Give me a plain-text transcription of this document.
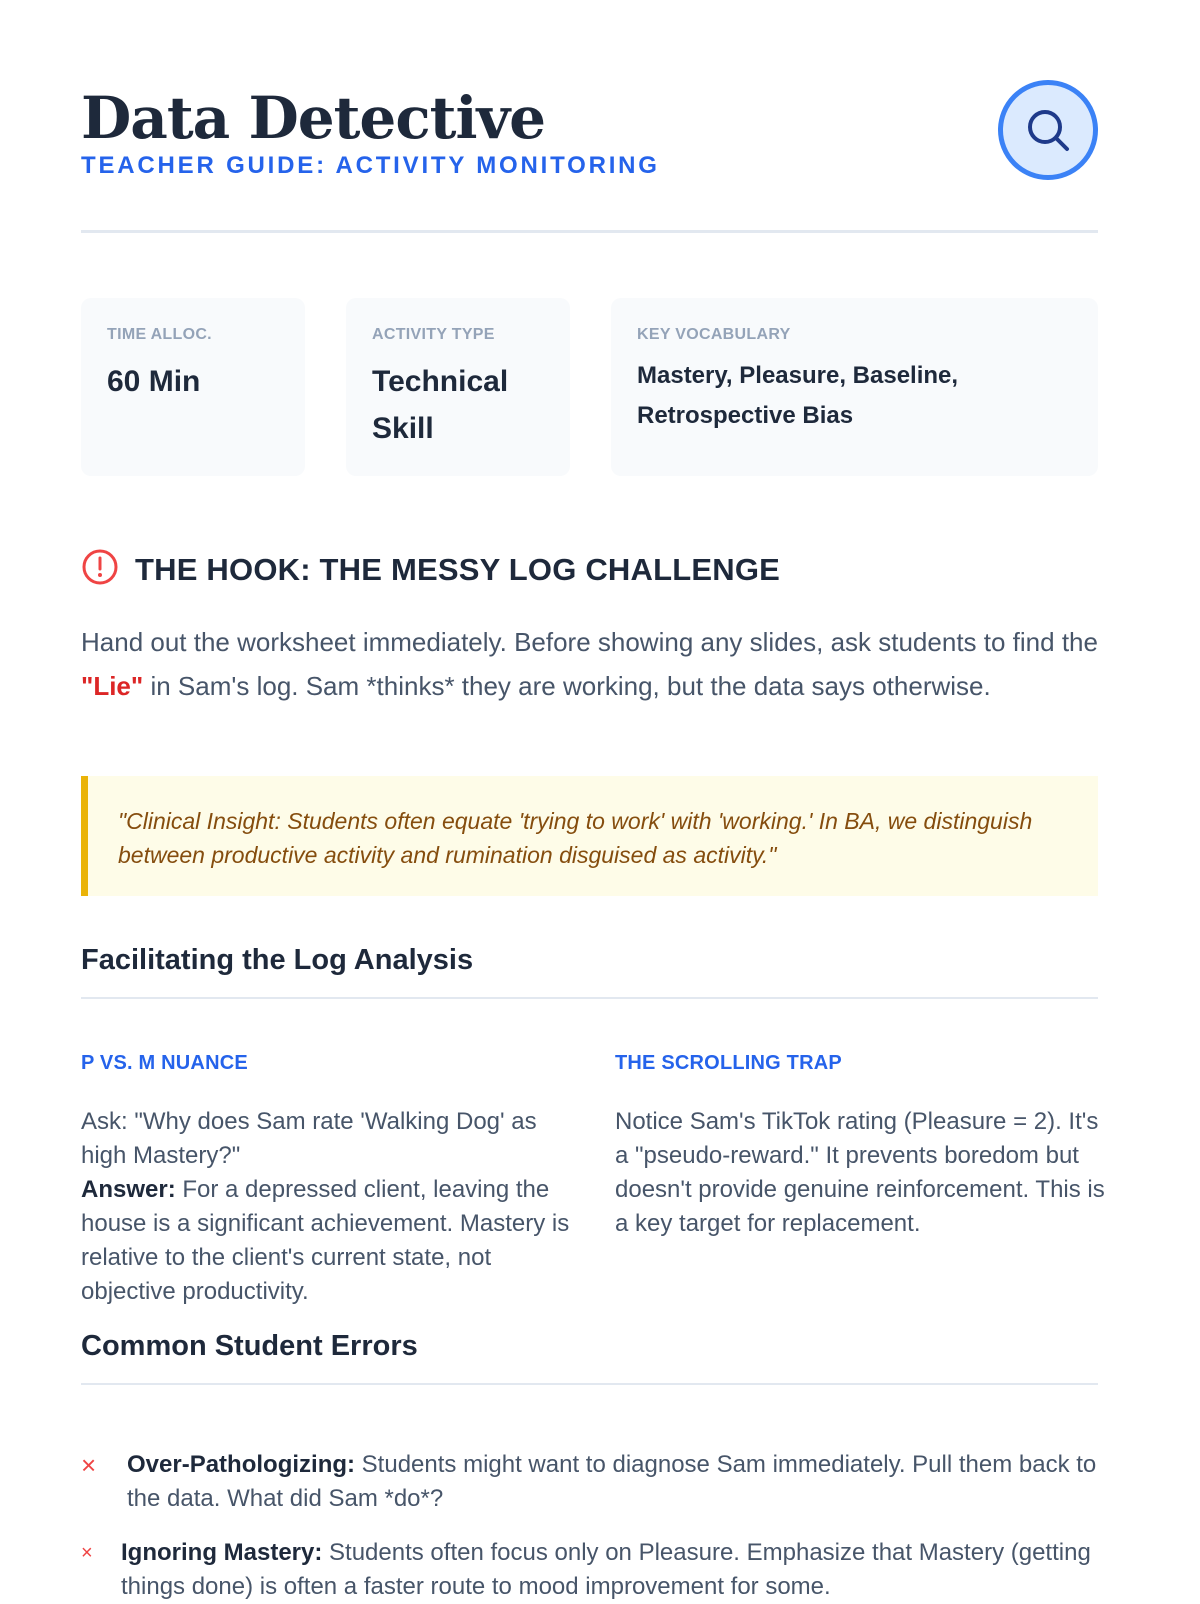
Data Detective
TEACHER GUIDE: ACTIVITY MONITORING
TIME ALLOC.
60 Min
ACTIVITY TYPE
Technical Skill
KEY VOCABULARY
Mastery, Pleasure, Baseline, Retrospective Bias
THE HOOK: THE MESSY LOG CHALLENGE

Hand out the worksheet immediately. Before showing any slides, ask students to find the "Lie" in Sam's log. Sam *thinks* they are working, but the data says otherwise.

"Clinical Insight: Students often equate 'trying to work' with 'working.' In BA, we distinguish between productive activity and rumination disguised as activity."
Facilitating the Log Analysis
P VS. M NUANCE
Ask: "Why does Sam rate 'Walking Dog' as high Mastery?"
Answer: For a depressed client, leaving the house is a significant achievement. Mastery is relative to the client's current state, not objective productivity.
THE SCROLLING TRAP
Notice Sam's TikTok rating (Pleasure = 2). It's a "pseudo-reward." It prevents boredom but doesn't provide genuine reinforcement. This is a key target for replacement.
Common Student Errors
×	Over-Pathologizing: Students might want to diagnose Sam immediately. Pull them back to the data. What did Sam *do*?
×	Ignoring Mastery: Students often focus only on Pleasure. Emphasize that Mastery (getting things done) is often a faster route to mood improvement for some.
